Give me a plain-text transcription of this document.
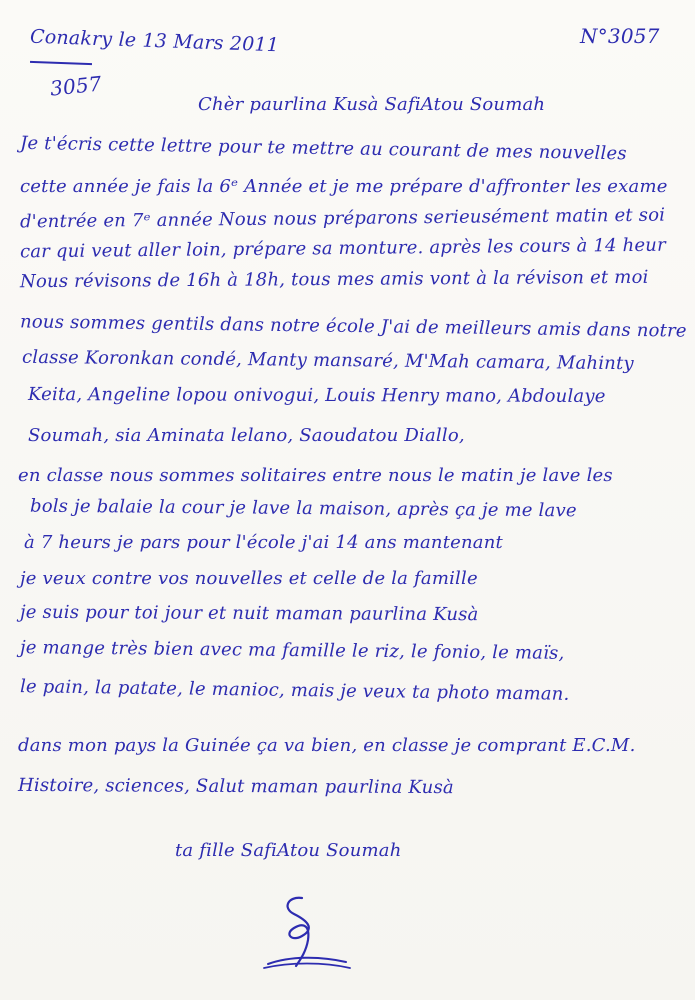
Conakry le 13 Mars 2011	N°3057
3057
Chèr paurlina Kusà SafiAtou Soumah
Je t'écris cette lettre pour te mettre au courant de mes nouvelles
cette année je fais la 6ᵉ Année et je me prépare d'affronter les exame
d'entrée en 7ᵉ année Nous nous préparons serieusément matin et soi
car qui veut aller loin, prépare sa monture. après les cours à 14 heur
Nous révisons de 16h à 18h, tous mes amis vont à la révison et moi
nous sommes gentils dans notre école J'ai de meilleurs amis dans notre
classe Koronkan condé, Manty mansaré, M'Mah camara, Mahinty
Keita, Angeline lopou onivogui, Louis Henry mano, Abdoulaye
Soumah, sia Aminata lelano, Saoudatou Diallo,
en classe nous sommes solitaires entre nous le matin je lave les
bols je balaie la cour je lave la maison, après ça je me lave
à 7 heurs je pars pour l'école j'ai 14 ans mantenant
je veux contre vos nouvelles et celle de la famille
je suis pour toi jour et nuit maman paurlina Kusà
je mange très bien avec ma famille le riz, le fonio, le maïs,
le pain, la patate, le manioc, mais je veux ta photo maman.
dans mon pays la Guinée ça va bien, en classe je comprant E.C.M.
Histoire, sciences, Salut maman paurlina Kusà
ta fille SafiAtou Soumah
